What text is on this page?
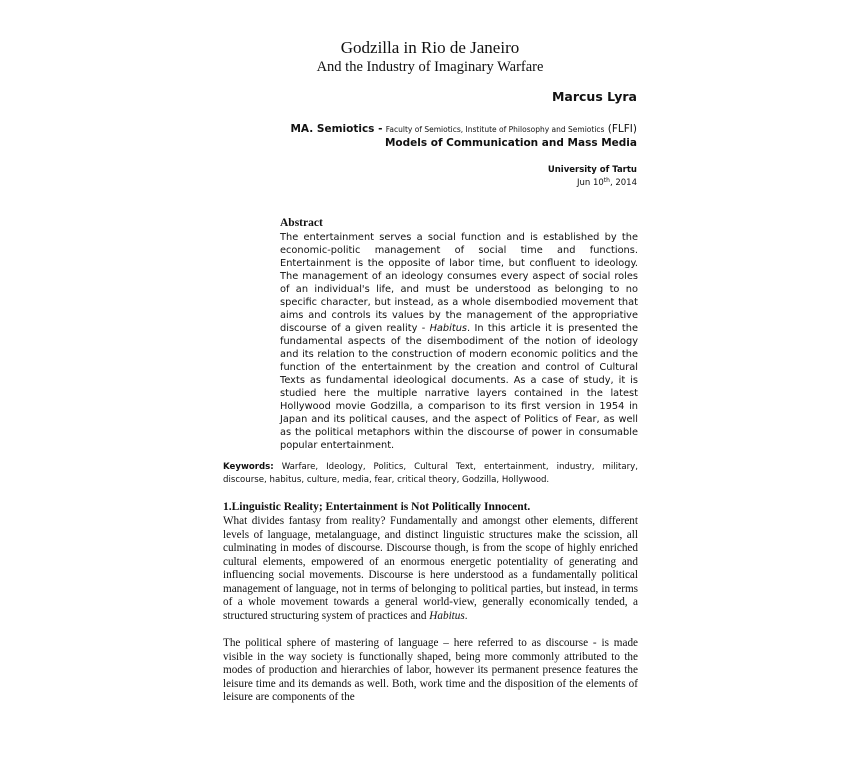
Godzilla in Rio de Janeiro
And the Industry of Imaginary Warfare
Marcus Lyra
MA. Semiotics - Faculty of Semiotics, Institute of Philosophy and Semiotics (FLFI)
Models of Communication and Mass Media
University of Tartu
Jun 10th, 2014
Abstract
The entertainment serves a social function and is established by the economic-politic management of social time and functions. Entertainment is the opposite of labor time, but confluent to ideology. The management of an ideology consumes every aspect of social roles of an individual's life, and must be understood as belonging to no specific character, but instead, as a whole disembodied movement that aims and controls its values by the management of the appropriative discourse of a given reality - Habitus. In this article it is presented the fundamental aspects of the disembodiment of the notion of ideology and its relation to the construction of modern economic politics and the function of the entertainment by the creation and control of Cultural Texts as fundamental ideological documents. As a case of study, it is studied here the multiple narrative layers contained in the latest Hollywood movie Godzilla, a comparison to its first version in 1954 in Japan and its political causes, and the aspect of Politics of Fear, as well as the political metaphors within the discourse of power in consumable popular entertainment.
Keywords: Warfare, Ideology, Politics, Cultural Text, entertainment, industry, military, discourse, habitus, culture, media, fear, critical theory, Godzilla, Hollywood.
1.Linguistic Reality; Entertainment is Not Politically Innocent.

What divides fantasy from reality? Fundamentally and amongst other elements, different levels of language, metalanguage, and distinct linguistic structures make the scission, all culminating in modes of discourse. Discourse though, is from the scope of highly enriched cultural elements, empowered of an enormous energetic potentiality of generating and influencing social movements. Discourse is here understood as a fundamentally political management of language, not in terms of belonging to political parties, but instead, in terms of a whole movement towards a general world-view, generally economically tended, a structured structuring system of practices and Habitus.

The political sphere of mastering of language – here referred to as discourse - is made visible in the way society is functionally shaped, being more commonly attributed to the modes of production and hierarchies of labor, however its permanent presence features the leisure time and its demands as well. Both, work time and the disposition of the elements of leisure are components of the
